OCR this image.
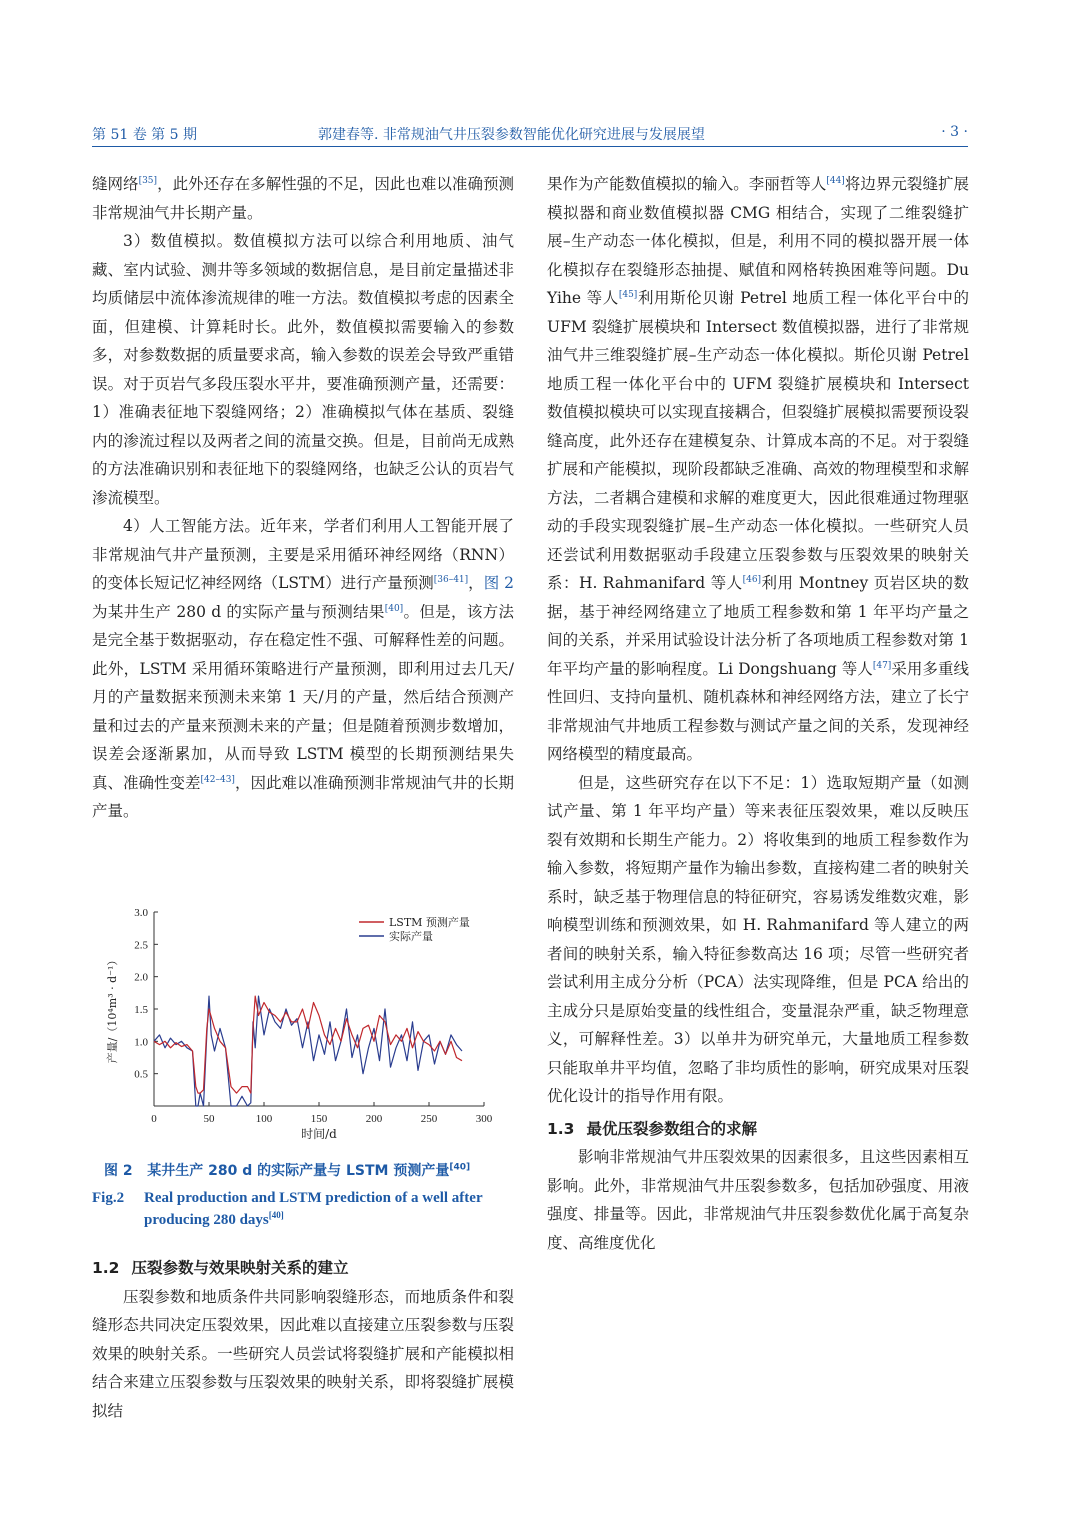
第 51 卷 第 5 期	郭建春等. 非常规油气井压裂参数智能优化研究进展与发展展望	· 3 ·

缝网络[35]，此外还存在多解性强的不足，因此也难以准确预测非常规油气井长期产量。

3）数值模拟。数值模拟方法可以综合利用地质、油气藏、室内试验、测井等多领域的数据信息，是目前定量描述非均质储层中流体渗流规律的唯一方法。数值模拟考虑的因素全面，但建模、计算耗时长。此外，数值模拟需要输入的参数多，对参数数据的质量要求高，输入参数的误差会导致严重错误。对于页岩气多段压裂水平井，要准确预测产量，还需要：1）准确表征地下裂缝网络；2）准确模拟气体在基质、裂缝内的渗流过程以及两者之间的流量交换。但是，目前尚无成熟的方法准确识别和表征地下的裂缝网络，也缺乏公认的页岩气渗流模型。

4）人工智能方法。近年来，学者们利用人工智能开展了非常规油气井产量预测，主要是采用循环神经网络（RNN）的变体长短记忆神经网络（LSTM）进行产量预测[36–41]，图 2 为某井生产 280 d 的实际产量与预测结果[40]。但是，该方法是完全基于数据驱动，存在稳定性不强、可解释性差的问题。此外，LSTM 采用循环策略进行产量预测，即利用过去几天/月的产量数据来预测未来第 1 天/月的产量，然后结合预测产量和过去的产量来预测未来的产量；但是随着预测步数增加，误差会逐渐累加，从而导致 LSTM 模型的长期预测结果失真、准确性变差[42–43]，因此难以准确预测非常规油气井的长期产量。

0	50	100	150	200	250	300
0.5
1.0
1.5
2.0
2.5
3.0
时间/d
产量/（10⁴m³ · d⁻¹）
LSTM 预测产量
实际产量
图 2 某井生产 280 d 的实际产量与 LSTM 预测产量[40]
Fig.2 Real production and LSTM prediction of a well after producing 280 days[40]
1.2 压裂参数与效果映射关系的建立

压裂参数和地质条件共同影响裂缝形态，而地质条件和裂缝形态共同决定压裂效果，因此难以直接建立压裂参数与压裂效果的映射关系。一些研究人员尝试将裂缝扩展和产能模拟相结合来建立压裂参数与压裂效果的映射关系，即将裂缝扩展模拟结

果作为产能数值模拟的输入。李丽哲等人[44]将边界元裂缝扩展模拟器和商业数值模拟器 CMG 相结合，实现了二维裂缝扩展–生产动态一体化模拟，但是，利用不同的模拟器开展一体化模拟存在裂缝形态抽提、赋值和网格转换困难等问题。Du Yihe 等人[45]利用斯伦贝谢 Petrel 地质工程一体化平台中的 UFM 裂缝扩展模块和 Intersect 数值模拟器，进行了非常规油气井三维裂缝扩展–生产动态一体化模拟。斯伦贝谢 Petrel 地质工程一体化平台中的 UFM 裂缝扩展模块和 Intersect 数值模拟模块可以实现直接耦合，但裂缝扩展模拟需要预设裂缝高度，此外还存在建模复杂、计算成本高的不足。对于裂缝扩展和产能模拟，现阶段都缺乏准确、高效的物理模型和求解方法，二者耦合建模和求解的难度更大，因此很难通过物理驱动的手段实现裂缝扩展–生产动态一体化模拟。一些研究人员还尝试利用数据驱动手段建立压裂参数与压裂效果的映射关系：H. Rahmanifard 等人[46]利用 Montney 页岩区块的数据，基于神经网络建立了地质工程参数和第 1 年平均产量之间的关系，并采用试验设计法分析了各项地质工程参数对第 1 年平均产量的影响程度。Li Dongshuang 等人[47]采用多重线性回归、支持向量机、随机森林和神经网络方法，建立了长宁非常规油气井地质工程参数与测试产量之间的关系，发现神经网络模型的精度最高。

但是，这些研究存在以下不足：1）选取短期产量（如测试产量、第 1 年平均产量）等来表征压裂效果，难以反映压裂有效期和长期生产能力。2）将收集到的地质工程参数作为输入参数，将短期产量作为输出参数，直接构建二者的映射关系时，缺乏基于物理信息的特征研究，容易诱发维数灾难，影响模型训练和预测效果，如 H. Rahmanifard 等人建立的两者间的映射关系，输入特征参数高达 16 项；尽管一些研究者尝试利用主成分分析（PCA）法实现降维，但是 PCA 给出的主成分只是原始变量的线性组合，变量混杂严重，缺乏物理意义，可解释性差。3）以单井为研究单元，大量地质工程参数只能取单井平均值，忽略了非均质性的影响，研究成果对压裂优化设计的指导作用有限。

1.3 最优压裂参数组合的求解

影响非常规油气井压裂效果的因素很多，且这些因素相互影响。此外，非常规油气井压裂参数多，包括加砂强度、用液强度、排量等。因此，非常规油气井压裂参数优化属于高复杂度、高维度优化
